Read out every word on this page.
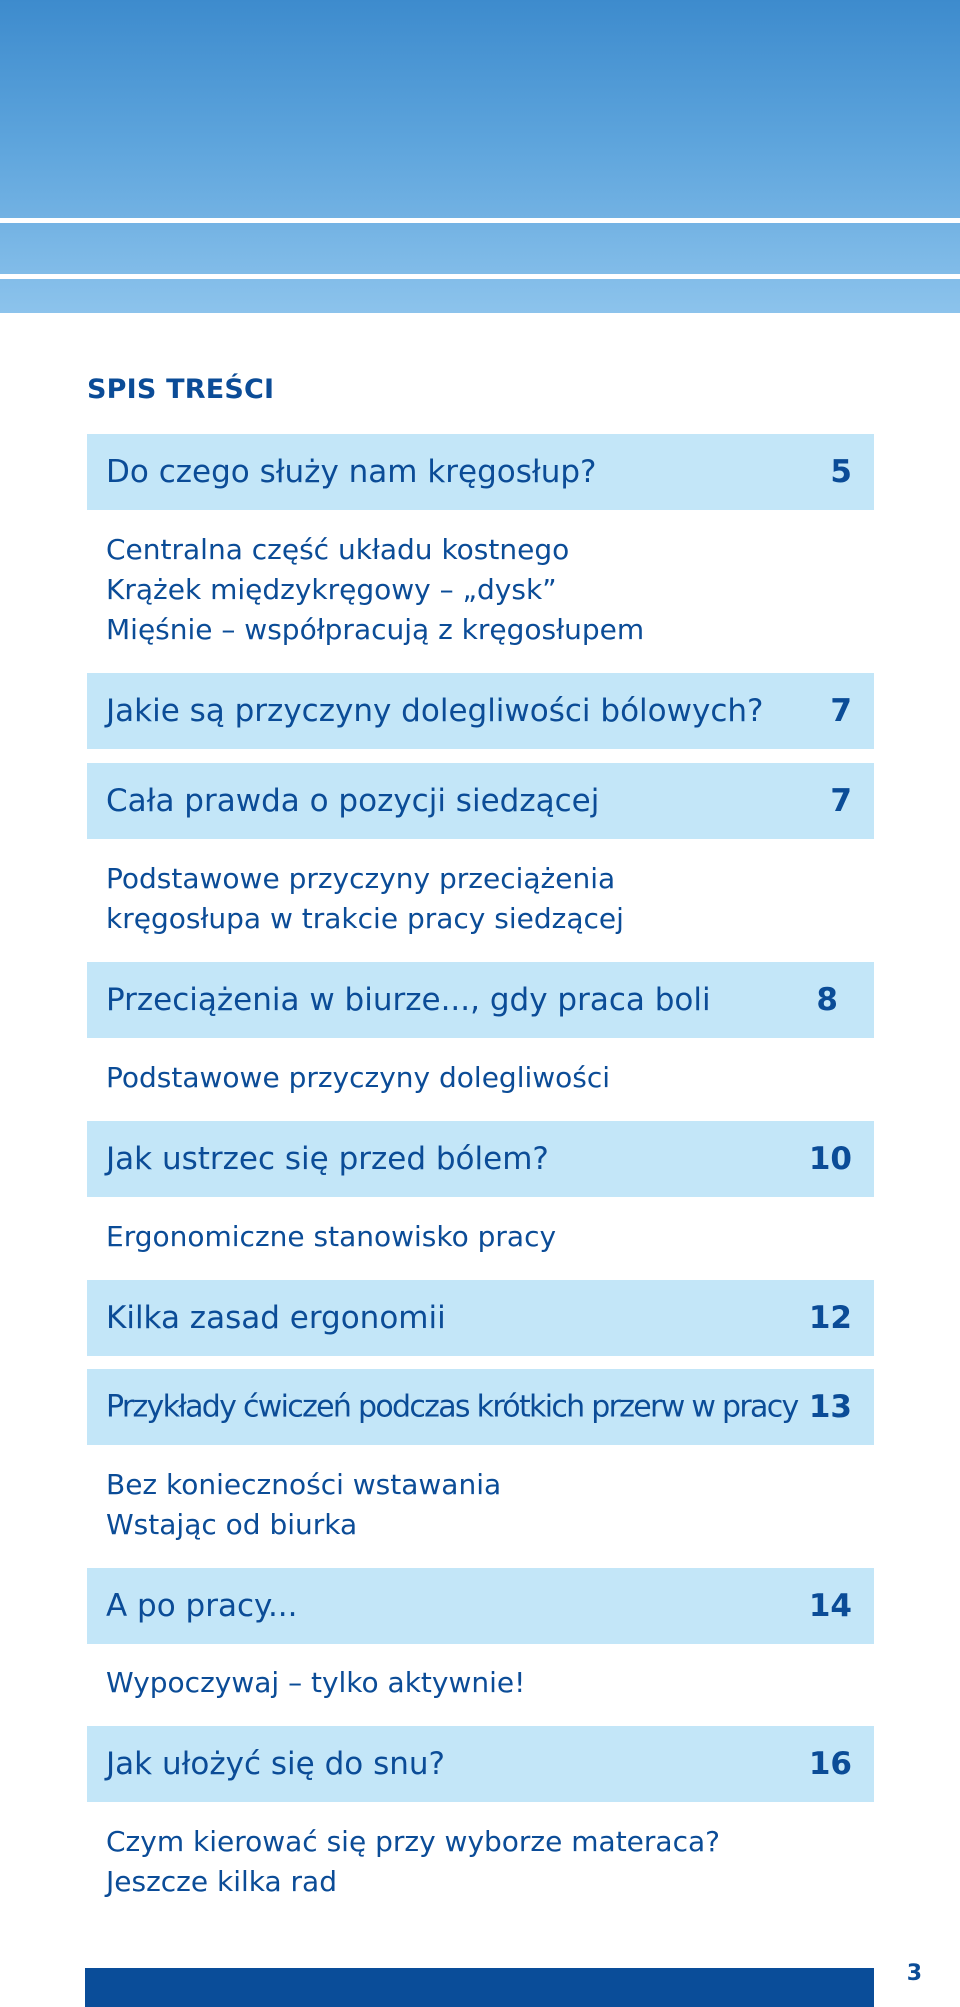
SPIS TREŚCI
Do czego służy nam kręgosłup?	5
Centralna część układu kostnego
Krążek międzykręgowy – „dysk”
Mięśnie – współpracują z kręgosłupem
Jakie są przyczyny dolegliwości bólowych? 7
Cała prawda o pozycji siedzącej	7
Podstawowe przyczyny przeciążenia
kręgosłupa w trakcie pracy siedzącej
Przeciążenia w biurze..., gdy praca boli	8
Podstawowe przyczyny dolegliwości
Jak ustrzec się przed bólem?	10
Ergonomiczne stanowisko pracy
Kilka zasad ergonomii	12
Przykłady ćwiczeń podczas krótkich przerw w pracy 13
Bez konieczności wstawania
Wstając od biurka
A po pracy...	14
Wypoczywaj – tylko aktywnie!
Jak ułożyć się do snu?	16
Czym kierować się przy wyborze materaca?
Jeszcze kilka rad
3
